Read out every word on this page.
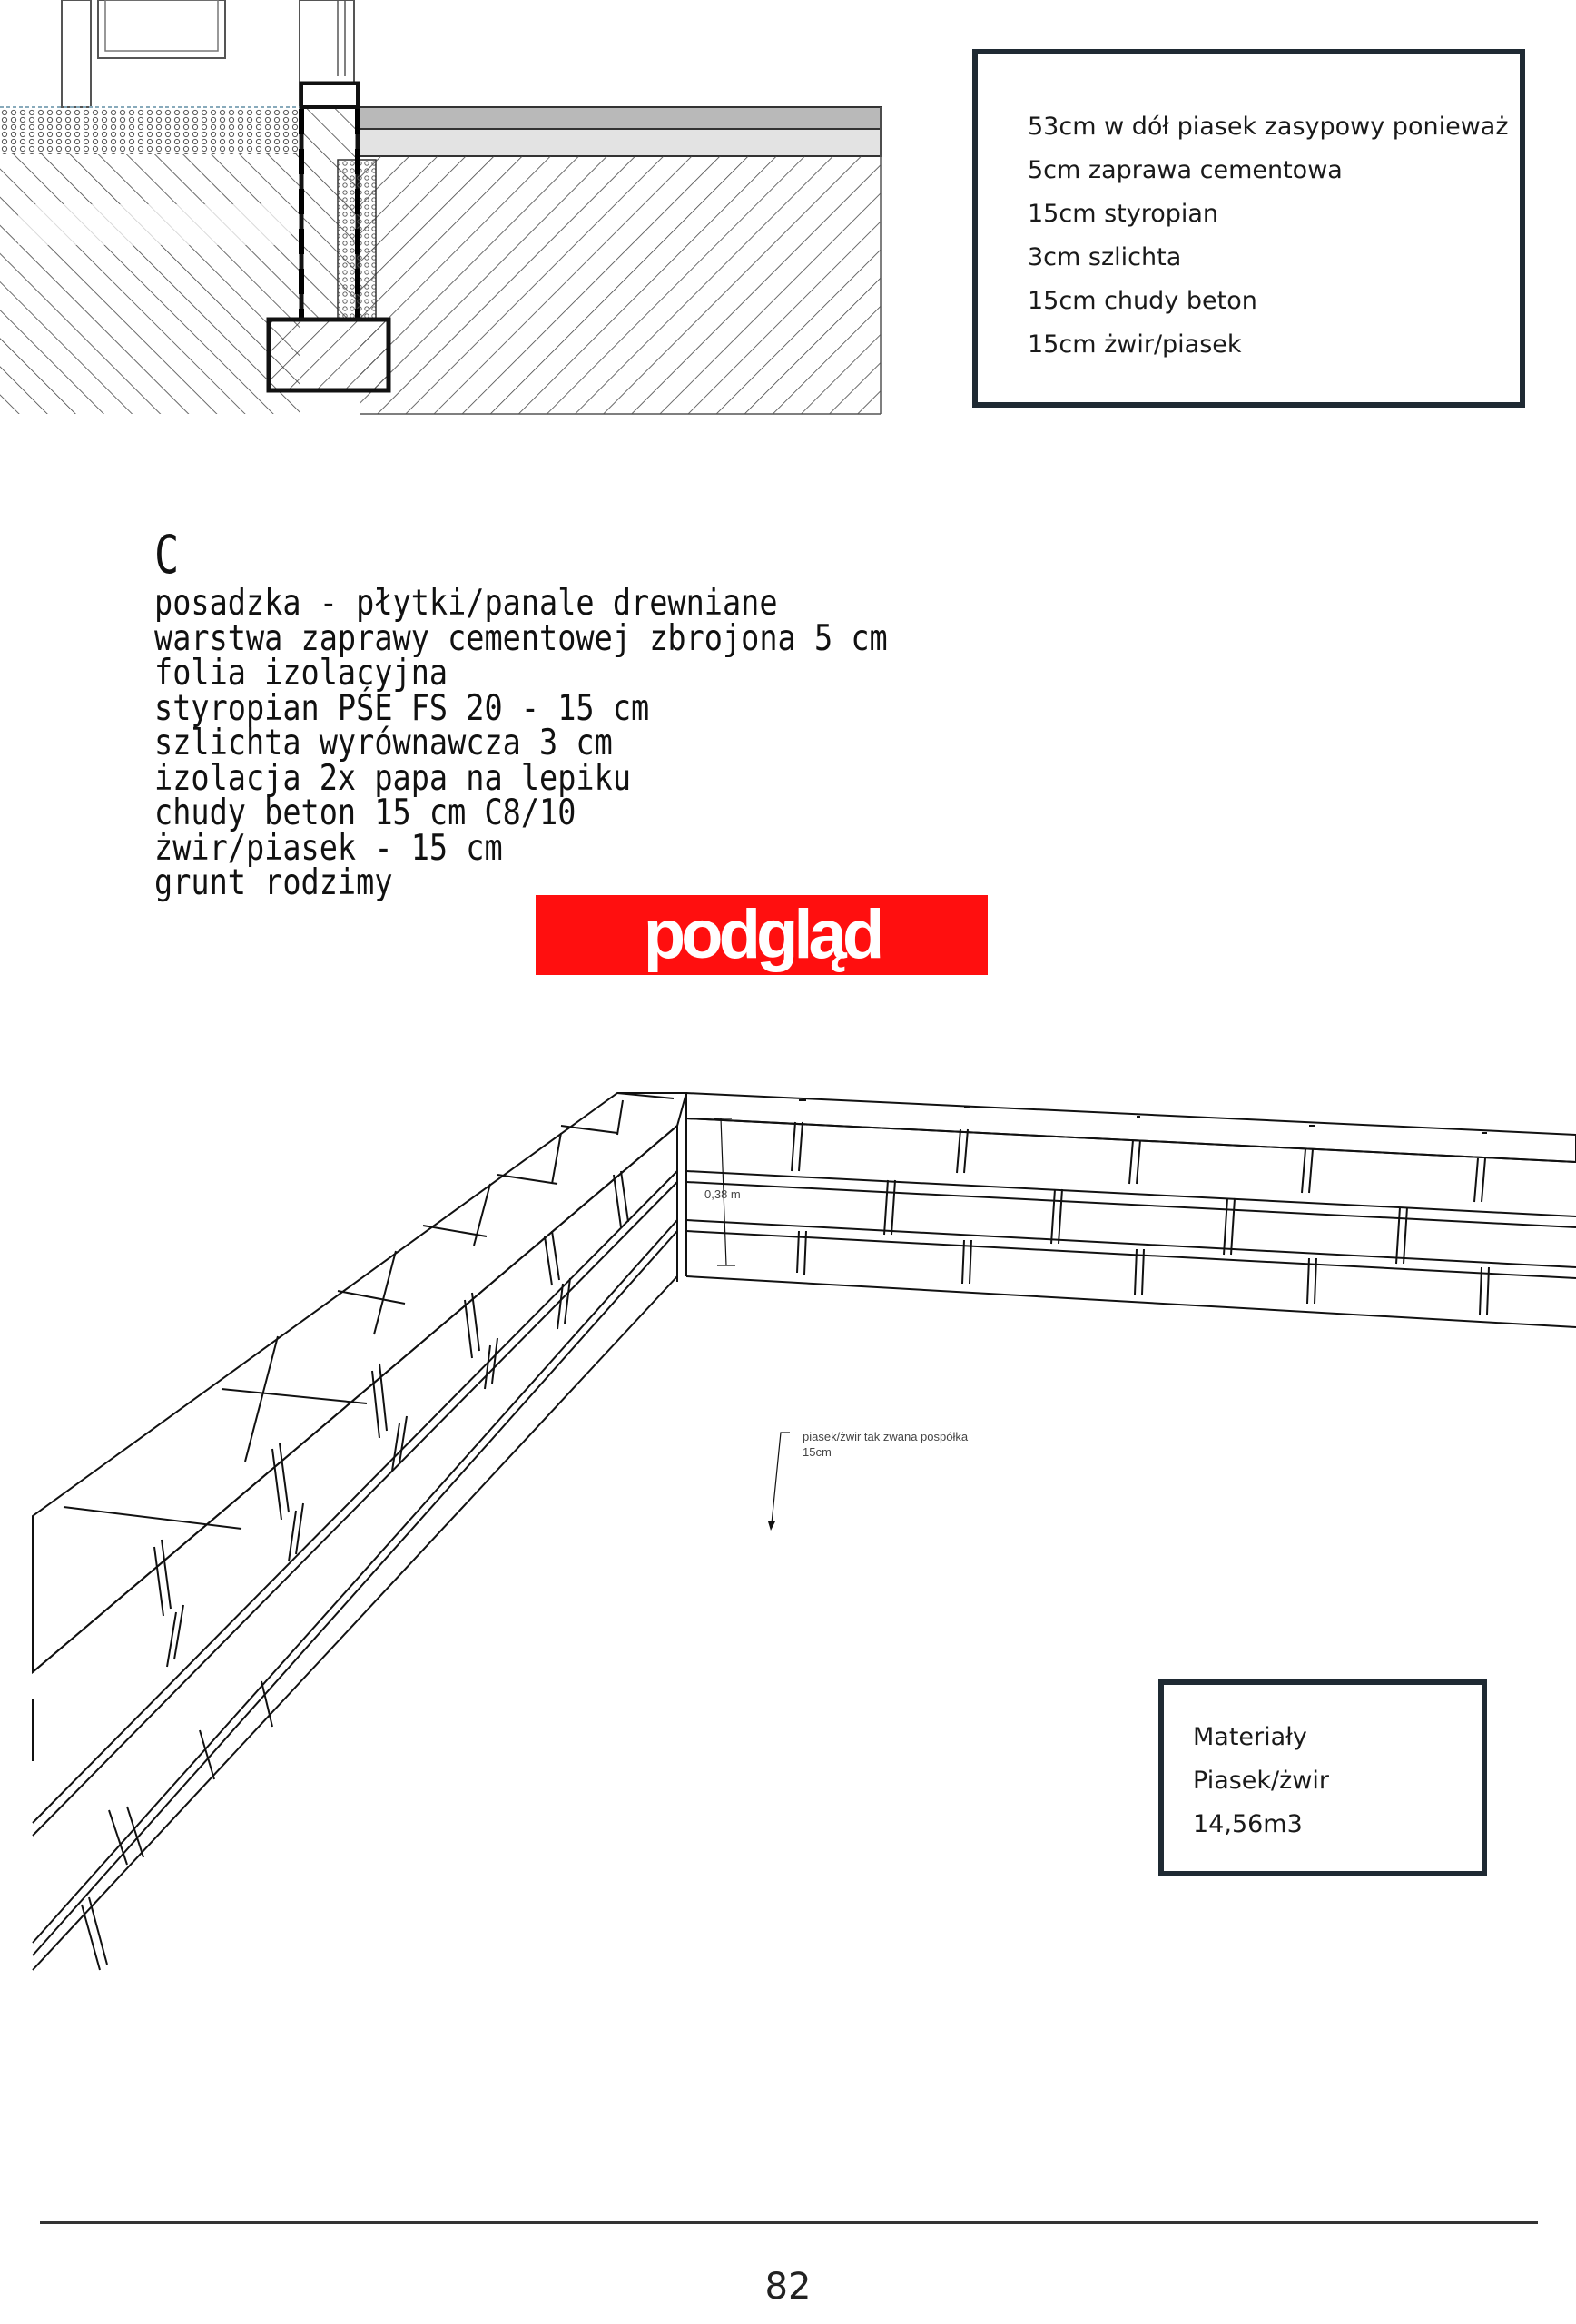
0,38 m
piasek/żwir tak zwana pospółka
15cm

53cm w dół piasek zasypowy ponieważ

5cm zaprawa cementowa

15cm styropian

3cm szlichta

15cm chudy beton

15cm żwir/piasek

C

posadzka - płytki/panale drewniane

warstwa zaprawy cementowej zbrojona 5 cm

folia izolacyjna

styropian PŚE FS 20 - 15 cm

szlichta wyrównawcza 3 cm

izolacja 2x papa na lepiku

chudy beton 15 cm C8/10

żwir/piasek - 15 cm

grunt rodzimy

podgląd

Materiały

Piasek/żwir

14,56m3

82
